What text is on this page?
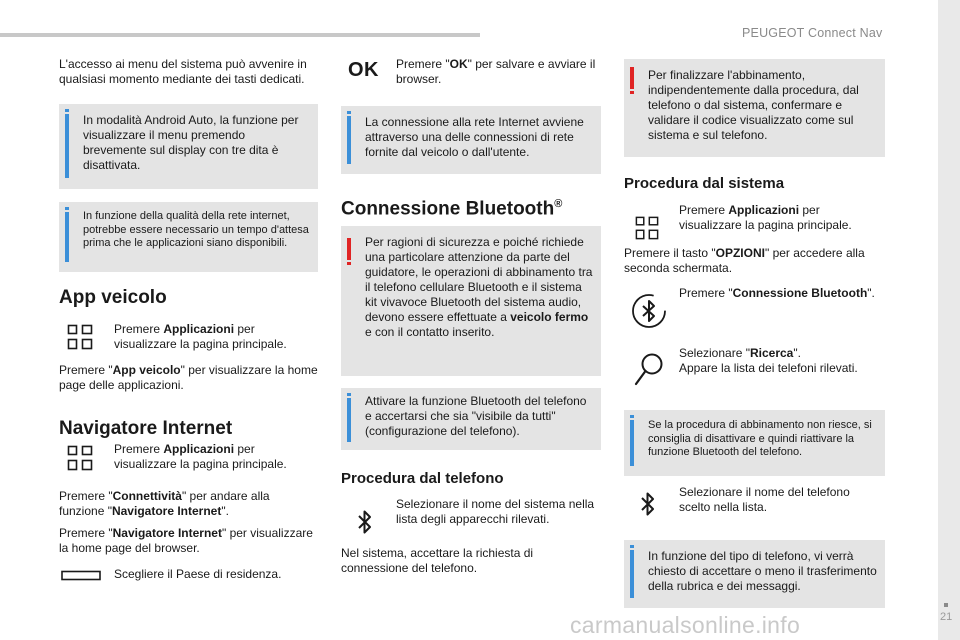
PEUGEOT Connect Nav
21
L'accesso ai menu del sistema può avvenire in qualsiasi momento mediante dei tasti dedicati.
In modalità Android Auto, la funzione per visualizzare il menu premendo brevemente sul display con tre dita è disattivata.
In funzione della qualità della rete internet, potrebbe essere necessario un tempo d'attesa prima che le applicazioni siano disponibili.
App veicolo
Premere Applicazioni per visualizzare la pagina principale.
Premere "App veicolo" per visualizzare la home page delle applicazioni.
Navigatore Internet
Premere Applicazioni per visualizzare la pagina principale.
Premere "Connettività" per andare alla funzione "Navigatore Internet".
Premere "Navigatore Internet" per visualizzare la home page del browser.
Scegliere il Paese di residenza.
OK Premere "OK" per salvare e avviare il browser.
La connessione alla rete Internet avviene attraverso una delle connessioni di rete fornite dal veicolo o dall'utente.
Connessione Bluetooth®
Per ragioni di sicurezza e poiché richiede una particolare attenzione da parte del guidatore, le operazioni di abbinamento tra il telefono cellulare Bluetooth e il sistema kit vivavoce Bluetooth del sistema audio, devono essere effettuate a veicolo fermo e con il contatto inserito.
Attivare la funzione Bluetooth del telefono e accertarsi che sia "visibile da tutti" (configurazione del telefono).
Procedura dal telefono
Selezionare il nome del sistema nella lista degli apparecchi rilevati.
Nel sistema, accettare la richiesta di connessione del telefono.
Per finalizzare l'abbinamento, indipendentemente dalla procedura, dal telefono o dal sistema, confermare e validare il codice visualizzato come sul sistema e sul telefono.
Procedura dal sistema
Premere Applicazioni per visualizzare la pagina principale.
Premere il tasto "OPZIONI" per accedere alla seconda schermata.
Premere "Connessione Bluetooth".
Selezionare "Ricerca".
Appare la lista dei telefoni rilevati.
Se la procedura di abbinamento non riesce, si consiglia di disattivare e quindi riattivare la funzione Bluetooth del telefono.
Selezionare il nome del telefono scelto nella lista.
In funzione del tipo di telefono, vi verrà chiesto di accettare o meno il trasferimento della rubrica e dei messaggi.
carmanualsonline.info
